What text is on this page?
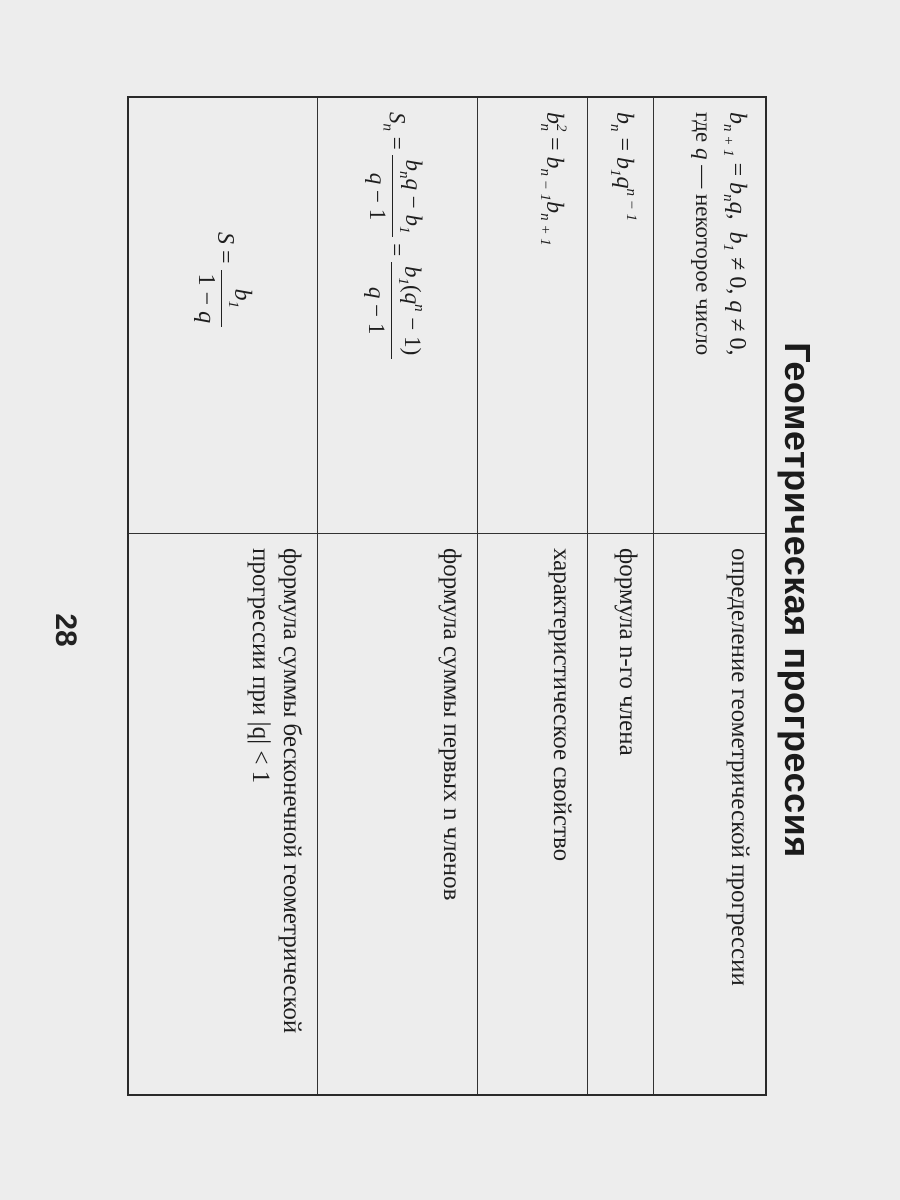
Геометрическая прогрессия
$b_{n + 1} = b_nq$,  $b_1 \ne 0$, q ≠ 0,
где q — некоторое число
определение геометрической прогрессии
$b_n = b_1q^{n - 1}$
формула n-го члена
$b^2_n = b_{n - 1}b_{n + 1}$
характеристическое свойство
$S_n$ =
$b_nq - b_1$
q − 1
=
$b_1(q^n - 1)$
q − 1
формула суммы первых n членов
S =
$b_1$
1 − q
формула суммы бесконечной геометрической прогрессии при |q| < 1
28
